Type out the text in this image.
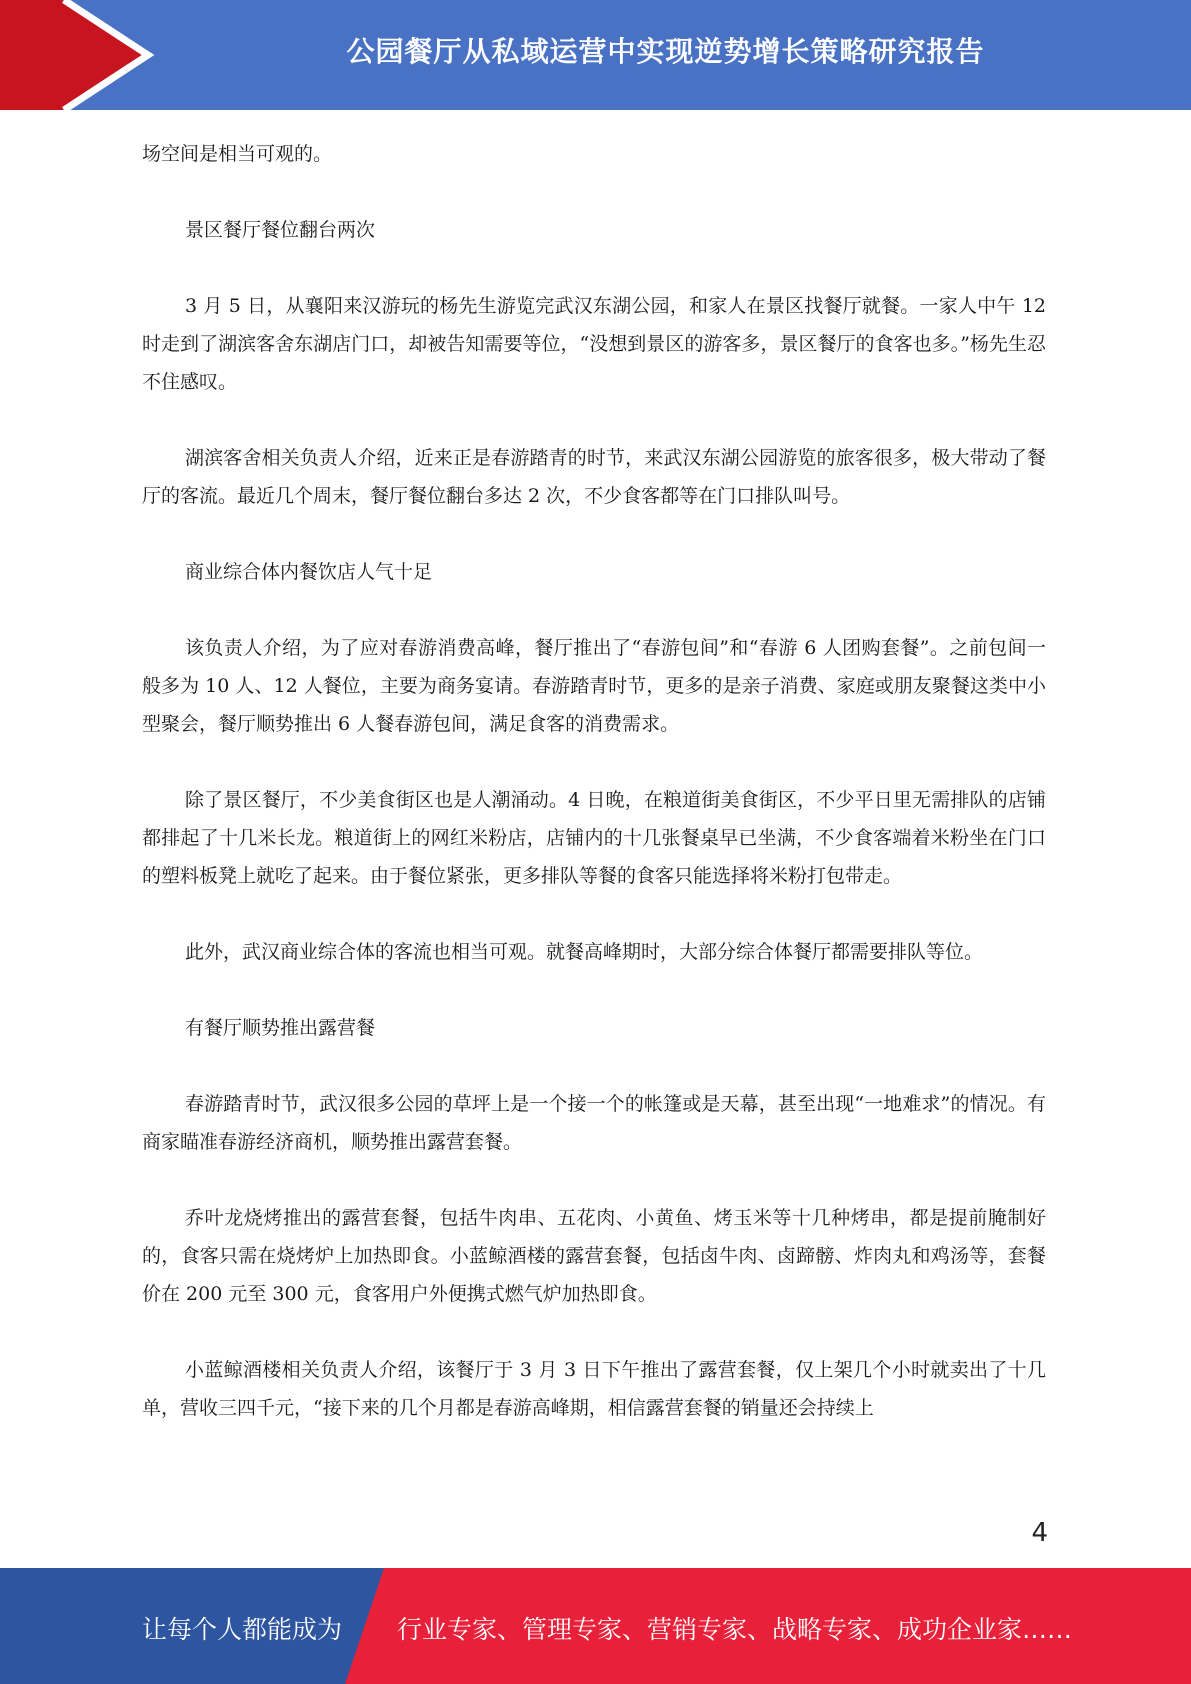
公园餐厅从私域运营中实现逆势增长策略研究报告

场空间是相当可观的。

景区餐厅餐位翻台两次

3 月 5 日，从襄阳来汉游玩的杨先生游览完武汉东湖公园，和家人在景区找餐厅就餐。一家人中午 12 时走到了湖滨客舍东湖店门口，却被告知需要等位，“没想到景区的游客多，景区餐厅的食客也多。”杨先生忍不住感叹。

湖滨客舍相关负责人介绍，近来正是春游踏青的时节，来武汉东湖公园游览的旅客很多，极大带动了餐厅的客流。最近几个周末，餐厅餐位翻台多达 2 次，不少食客都等在门口排队叫号。

商业综合体内餐饮店人气十足

该负责人介绍，为了应对春游消费高峰，餐厅推出了“春游包间”和“春游 6 人团购套餐”。之前包间一般多为 10 人、12 人餐位，主要为商务宴请。春游踏青时节，更多的是亲子消费、家庭或朋友聚餐这类中小型聚会，餐厅顺势推出 6 人餐春游包间，满足食客的消费需求。

除了景区餐厅，不少美食街区也是人潮涌动。4 日晚，在粮道街美食街区，不少平日里无需排队的店铺都排起了十几米长龙。粮道街上的网红米粉店，店铺内的十几张餐桌早已坐满，不少食客端着米粉坐在门口的塑料板凳上就吃了起来。由于餐位紧张，更多排队等餐的食客只能选择将米粉打包带走。

此外，武汉商业综合体的客流也相当可观。就餐高峰期时，大部分综合体餐厅都需要排队等位。

有餐厅顺势推出露营餐

春游踏青时节，武汉很多公园的草坪上是一个接一个的帐篷或是天幕，甚至出现“一地难求”的情况。有商家瞄准春游经济商机，顺势推出露营套餐。

乔叶龙烧烤推出的露营套餐，包括牛肉串、五花肉、小黄鱼、烤玉米等十几种烤串，都是提前腌制好的，食客只需在烧烤炉上加热即食。小蓝鲸酒楼的露营套餐，包括卤牛肉、卤蹄髈、炸肉丸和鸡汤等，套餐价在 200 元至 300 元，食客用户外便携式燃气炉加热即食。

小蓝鲸酒楼相关负责人介绍，该餐厅于 3 月 3 日下午推出了露营套餐，仅上架几个小时就卖出了十几单，营收三四千元，“接下来的几个月都是春游高峰期，相信露营套餐的销量还会持续上

4
让每个人都能成为 行业专家、管理专家、营销专家、战略专家、成功企业家……
